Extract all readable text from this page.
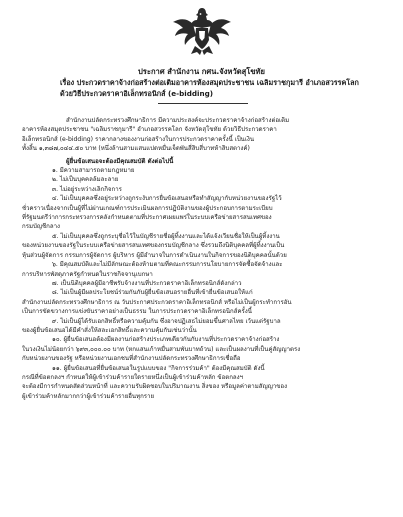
ประกาศ สำนักงาน กศน.จังหวัดสุโขทัย
เรื่อง ประกวดราคาจ้างก่อสร้างต่อเติมอาคารห้องสมุดประชาชน เฉลิมราชกุมารี อำเภอสวรรคโลก
ด้วยวิธีประกวดราคาอิเล็กทรอนิกส์ (e-bidding)

สำนักงานปลัดกระทรวงศึกษาธิการ มีความประสงค์จะประกวดราคาจ้างก่อสร้างต่อเติม

อาคารห้องสมุดประชาชน "เฉลิมราชกุมารี" อำเภอสวรรคโลก จังหวัดสุโขทัย ด้วยวิธีประกวดราคา

อิเล็กทรอนิกส์ (e-bidding) ราคากลางของงานก่อสร้างในการประกวดราคาครั้งนี้ เป็นเงิน

ทั้งสิ้น ๑,๓๘๗,๐๔๔.๕๐ บาท (หนึ่งล้านสามแสนแปดหมื่นเจ็ดพันสี่สิบสี่บาทห้าสิบสตางค์)

ผู้ยื่นข้อเสนอจะต้องมีคุณสมบัติ ดังต่อไปนี้

๑. มีความสามารถตามกฎหมาย

๒. ไม่เป็นบุคคลล้มละลาย

๓. ไม่อยู่ระหว่างเลิกกิจการ

๔. ไม่เป็นบุคคลซึ่งอยู่ระหว่างถูกระงับการยื่นข้อเสนอหรือทำสัญญากับหน่วยงานของรัฐไว้

ชั่วคราวเนื่องจากเป็นผู้ที่ไม่ผ่านเกณฑ์การประเมินผลการปฏิบัติงานของผู้ประกอบการตามระเบียบ

ที่รัฐมนตรีว่าการกระทรวงการคลังกำหนดตามที่ประกาศเผยแพร่ในระบบเครือข่ายสารสนเทศของ

กรมบัญชีกลาง

๕. ไม่เป็นบุคคลซึ่งถูกระบุชื่อไว้ในบัญชีรายชื่อผู้ทิ้งงานและได้แจ้งเวียนชื่อให้เป็นผู้ทิ้งงาน

ของหน่วยงานของรัฐในระบบเครือข่ายสารสนเทศของกรมบัญชีกลาง ซึ่งรวมถึงนิติบุคคลที่ผู้ทิ้งงานเป็น

หุ้นส่วนผู้จัดการ กรรมการผู้จัดการ ผู้บริหาร ผู้มีอำนาจในการดำเนินงานในกิจการของนิติบุคคลนั้นด้วย

๖. มีคุณสมบัติและไม่มีลักษณะต้องห้ามตามที่คณะกรรมการนโยบายการจัดซื้อจัดจ้างและ

การบริหารพัสดุภาครัฐกำหนดในราชกิจจานุเบกษา

๗. เป็นนิติบุคคลผู้มีอาชีพรับจ้างงานที่ประกวดราคาอิเล็กทรอนิกส์ดังกล่าว

๘. ไม่เป็นผู้มีผลประโยชน์ร่วมกันกับผู้ยื่นข้อเสนอรายอื่นที่เข้ายื่นข้อเสนอให้แก่

สำนักงานปลัดกระทรวงศึกษาธิการ ณ วันประกาศประกวดราคาอิเล็กทรอนิกส์ หรือไม่เป็นผู้กระทำการอัน

เป็นการขัดขวางการแข่งขันราคาอย่างเป็นธรรม ในการประกวดราคาอิเล็กทรอนิกส์ครั้งนี้

๙. ไม่เป็นผู้ได้รับเอกสิทธิ์หรือความคุ้มกัน ซึ่งอาจปฏิเสธไม่ยอมขึ้นศาลไทย เว้นแต่รัฐบาล

ของผู้ยื่นข้อเสนอได้มีคำสั่งให้สละเอกสิทธิ์และความคุ้มกันเช่นว่านั้น

๑๐. ผู้ยื่นข้อเสนอต้องมีผลงานก่อสร้างประเภทเดียวกันกับงานที่ประกวดราคาจ้างก่อสร้าง

ในวงเงินไม่น้อยกว่า ๖๙๓,๐๐๐.๐๐ บาท (หกแสนเก้าหมื่นสามพันบาทถ้วน) และเป็นผลงานที่เป็นคู่สัญญาตรง

กับหน่วยงานของรัฐ หรือหน่วยงานเอกชนที่สำนักงานปลัดกระทรวงศึกษาธิการเชื่อถือ

๑๑. ผู้ยื่นข้อเสนอที่ยื่นข้อเสนอในรูปแบบของ "กิจการร่วมค้า" ต้องมีคุณสมบัติ ดังนี้

กรณีที่ข้อตกลงฯ กำหนดให้ผู้เข้าร่วมค้ารายใดรายหนึ่งเป็นผู้เข้าร่วมค้าหลัก ข้อตกลงฯ

จะต้องมีการกำหนดสัดส่วนหน้าที่ และความรับผิดชอบในปริมาณงาน สิ่งของ หรือมูลค่าตามสัญญาของ

ผู้เข้าร่วมค้าหลักมากกว่าผู้เข้าร่วมค้ารายอื่นทุกราย
